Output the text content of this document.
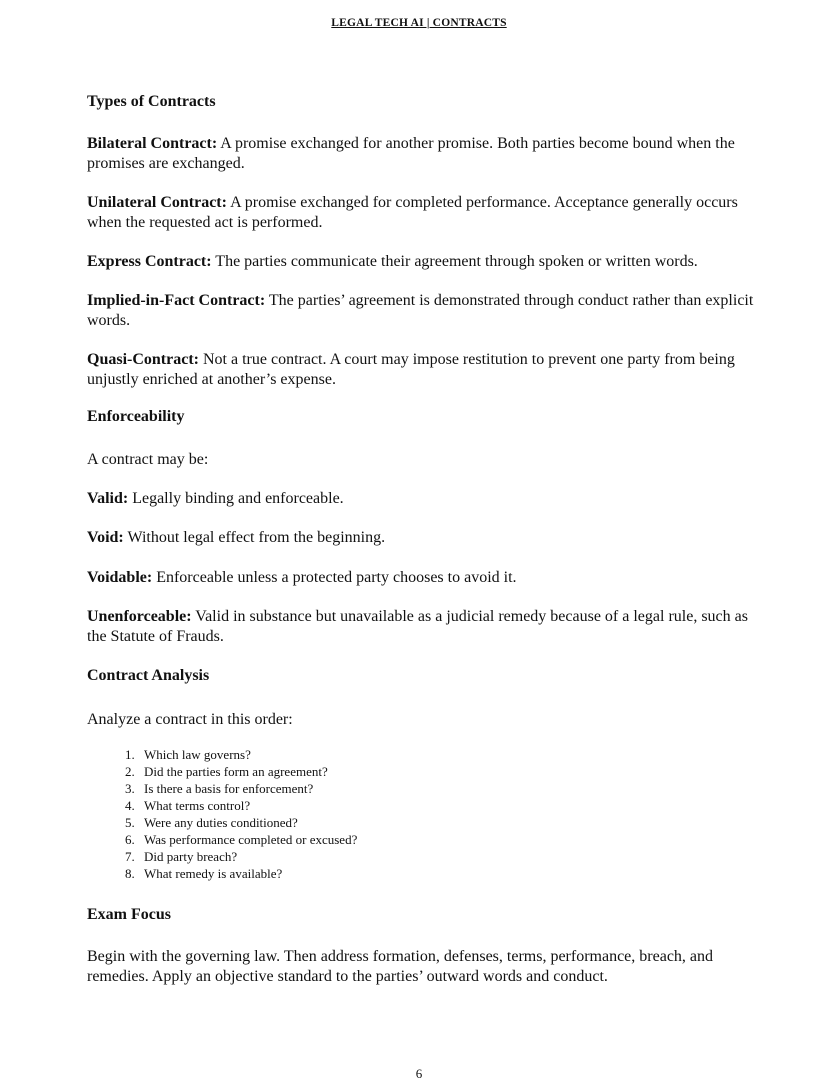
LEGAL TECH AI | CONTRACTS

Types of Contracts

Bilateral Contract: A promise exchanged for another promise. Both parties become bound when the promises are exchanged.

Unilateral Contract: A promise exchanged for completed performance. Acceptance generally occurs when the requested act is performed.

Express Contract: The parties communicate their agreement through spoken or written words.

Implied-in-Fact Contract: The parties’ agreement is demonstrated through conduct rather than explicit words.

Quasi-Contract: Not a true contract. A court may impose restitution to prevent one party from being unjustly enriched at another’s expense.

Enforceability

A contract may be:

Valid: Legally binding and enforceable.

Void: Without legal effect from the beginning.

Voidable: Enforceable unless a protected party chooses to avoid it.

Unenforceable: Valid in substance but unavailable as a judicial remedy because of a legal rule, such as the Statute of Frauds.

Contract Analysis

Analyze a contract in this order:

1. Which law governs?
2. Did the parties form an agreement?
3. Is there a basis for enforcement?
4. What terms control?
5. Were any duties conditioned?
6. Was performance completed or excused?
7. Did party breach?
8. What remedy is available?

Exam Focus

Begin with the governing law. Then address formation, defenses, terms, performance, breach, and remedies. Apply an objective standard to the parties’ outward words and conduct.

6
